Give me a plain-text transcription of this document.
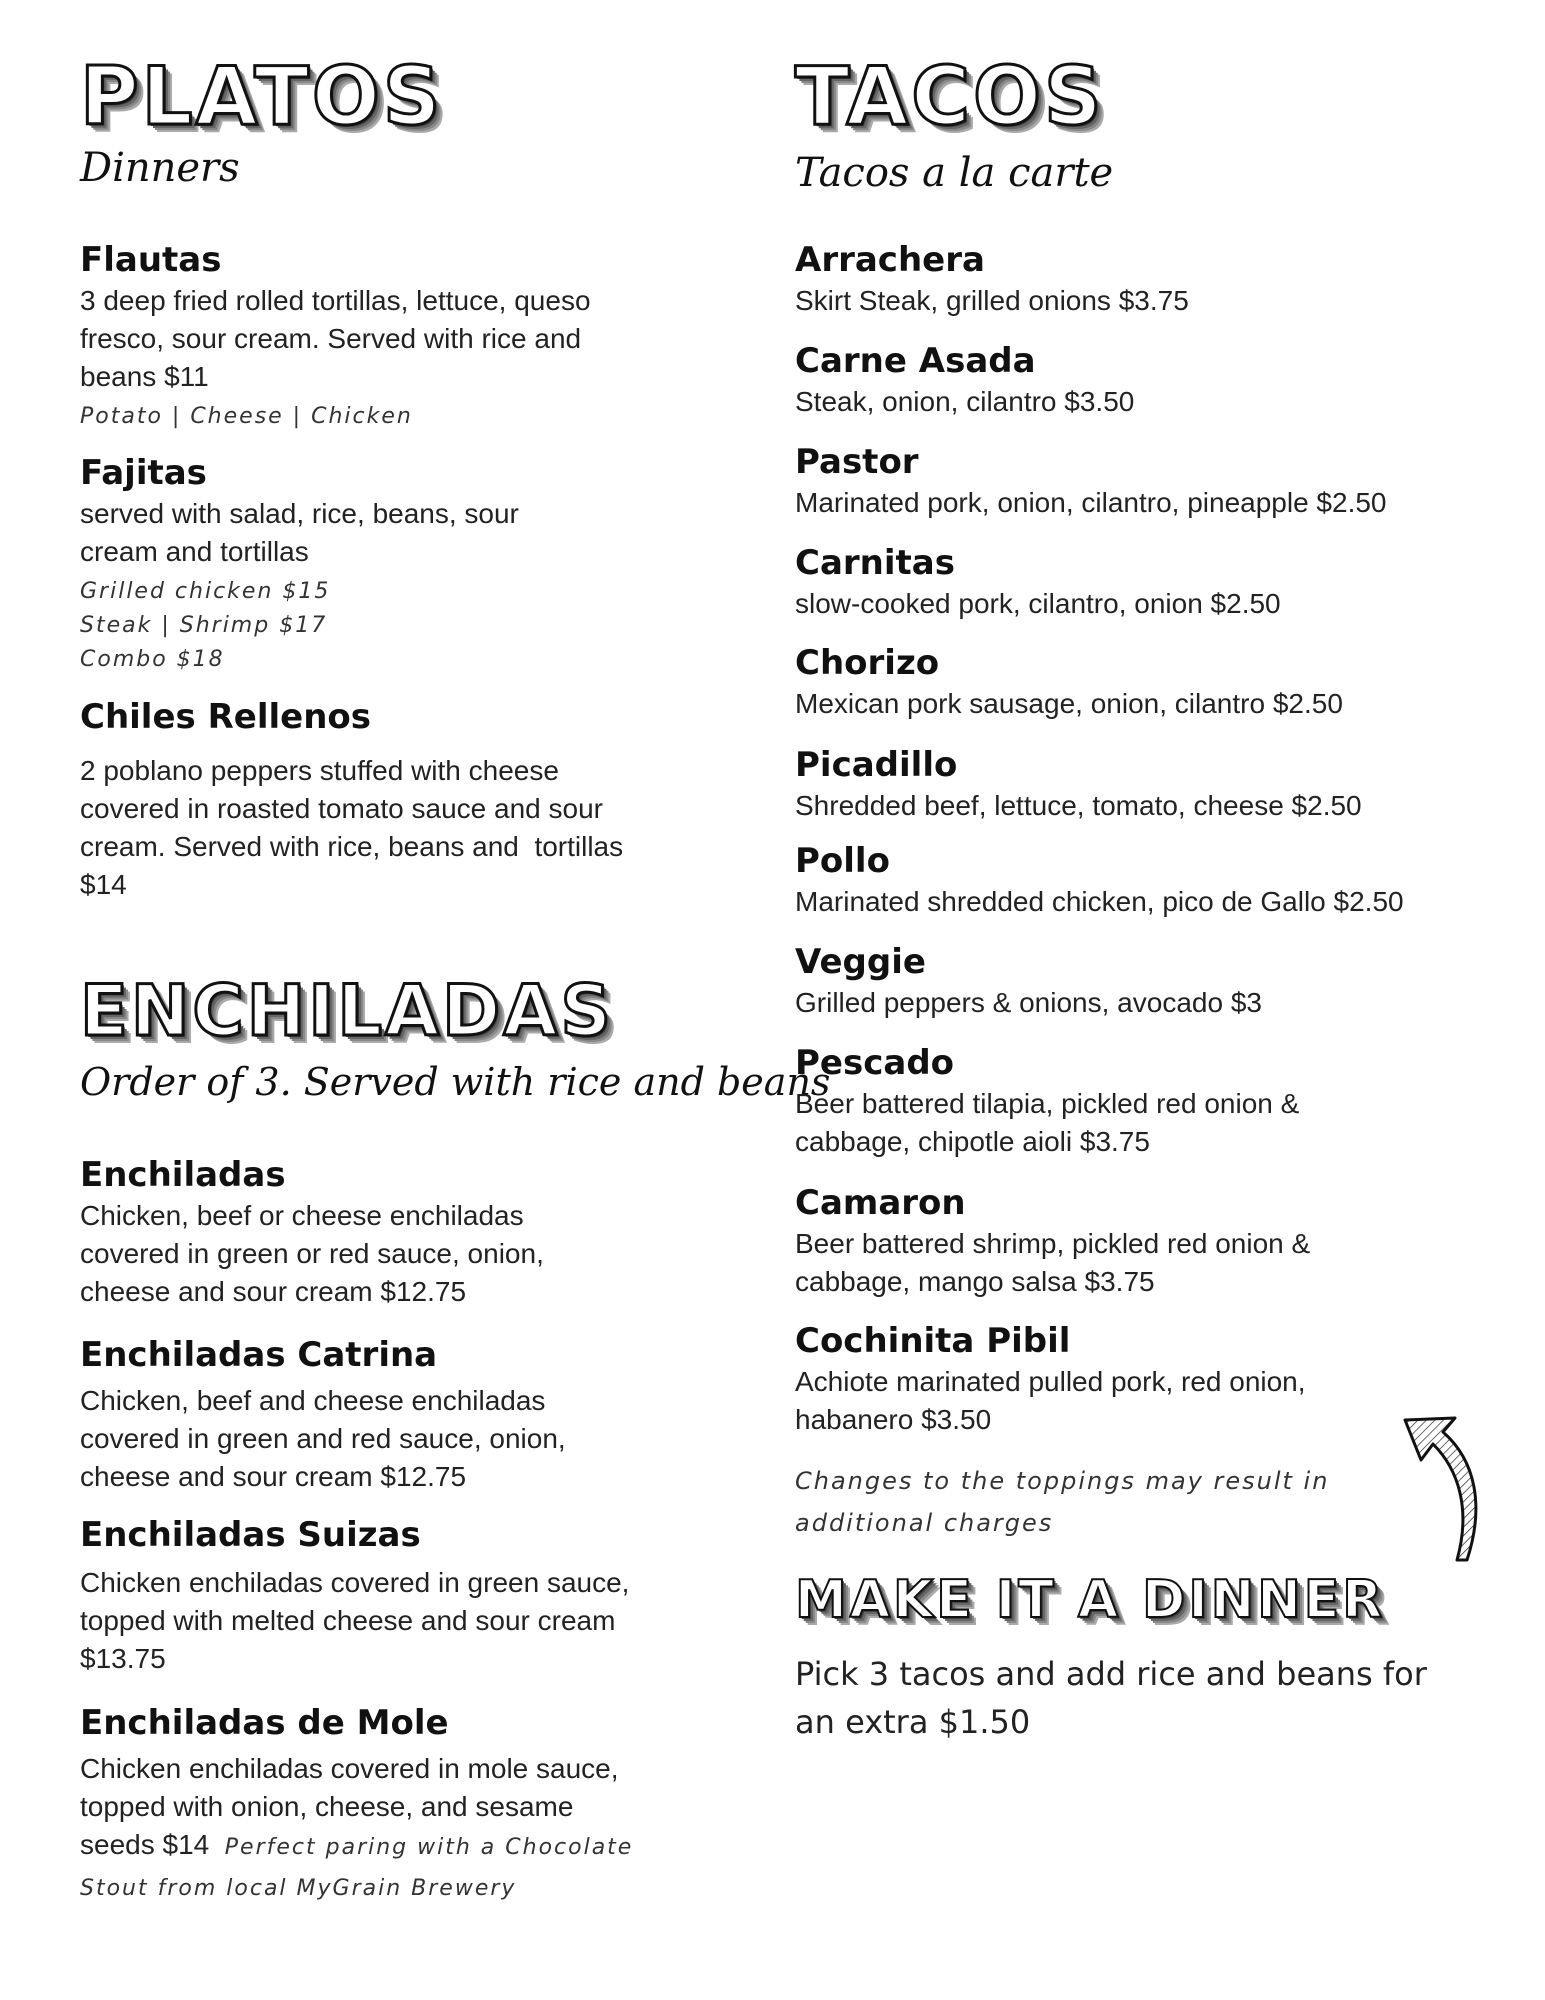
PLATOS

Dinners

Flautas

3 deep fried rolled tortillas, lettuce, queso fresco, sour cream. Served with rice and beans $11

Potato | Cheese | Chicken

Fajitas

served with salad, rice, beans, sour cream and tortillas

Grilled chicken $15

Steak | Shrimp $17

Combo $18

Chiles Rellenos

2 poblano peppers stuffed with cheese covered in roasted tomato sauce and sour cream. Served with rice, beans and  tortillas $14

ENCHILADAS

Order of 3. Served with rice and beans

Enchiladas

Chicken, beef or cheese enchiladas covered in green or red sauce, onion, cheese and sour cream $12.75

Enchiladas Catrina

Chicken, beef and cheese enchiladas covered in green and red sauce, onion, cheese and sour cream $12.75

Enchiladas Suizas

Chicken enchiladas covered in green sauce, topped with melted cheese and sour cream $13.75

Enchiladas de Mole

Chicken enchiladas covered in mole sauce, topped with onion, cheese, and sesame seeds $14 Perfect paring with a Chocolate Stout from local MyGrain Brewery

TACOS

Tacos a la carte

Arrachera

Skirt Steak, grilled onions $3.75

Carne Asada

Steak, onion, cilantro $3.50

Pastor

Marinated pork, onion, cilantro, pineapple $2.50

Carnitas

slow-cooked pork, cilantro, onion $2.50

Chorizo

Mexican pork sausage, onion, cilantro $2.50

Picadillo

Shredded beef, lettuce, tomato, cheese $2.50

Pollo

Marinated shredded chicken, pico de Gallo $2.50

Veggie

Grilled peppers & onions, avocado $3

Pescado

Beer battered tilapia, pickled red onion & cabbage, chipotle aioli $3.75

Camaron

Beer battered shrimp, pickled red onion & cabbage, mango salsa $3.75

Cochinita Pibil

Achiote marinated pulled pork, red onion, habanero $3.50

Changes to the toppings may result in additional charges

MAKE IT A DINNER

Pick 3 tacos and add rice and beans for an extra $1.50
